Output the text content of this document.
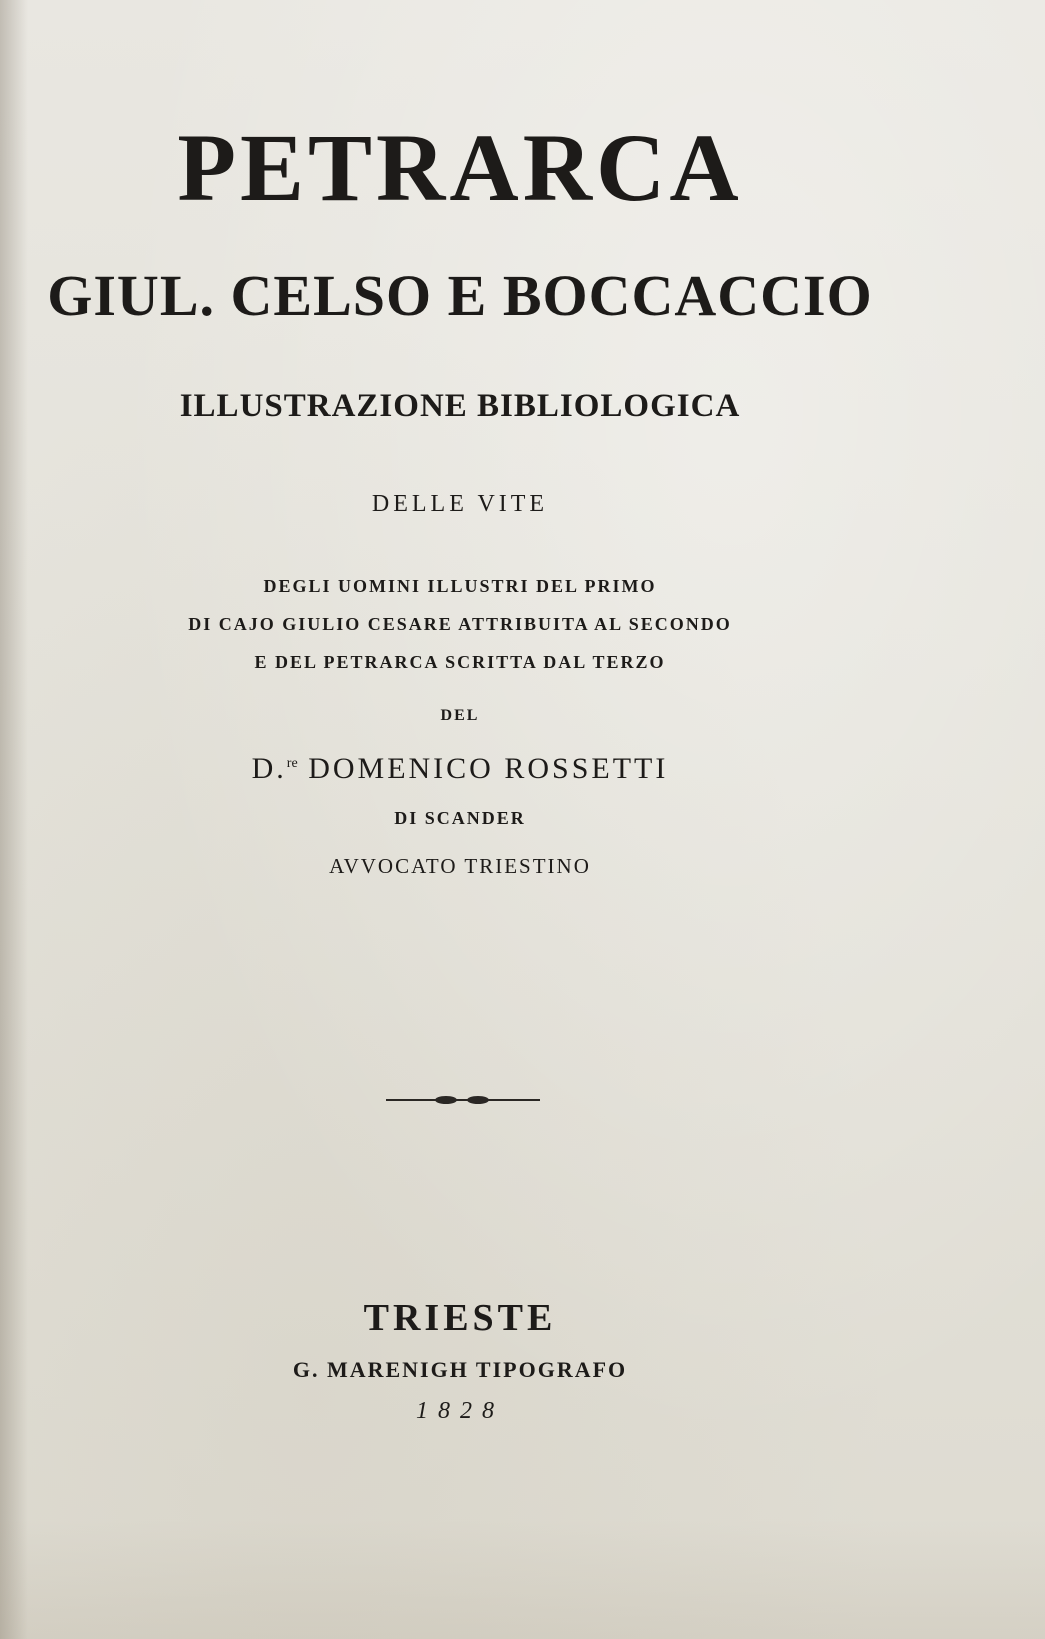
PETRARCA
GIUL. CELSO E BOCCACCIO
ILLUSTRAZIONE BIBLIOLOGICA
DELLE VITE
DEGLI UOMINI ILLUSTRI DEL PRIMO
DI CAJO GIULIO CESARE ATTRIBUITA AL SECONDO
E DEL PETRARCA SCRITTA DAL TERZO
DEL
D.$^{re}$ DOMENICO ROSSETTI
DI SCANDER
AVVOCATO TRIESTINO
TRIESTE
G. MARENIGH TIPOGRAFO
1828
